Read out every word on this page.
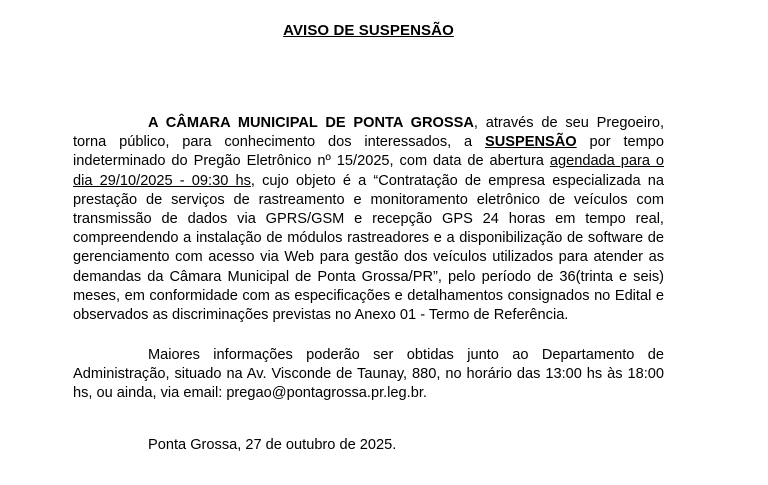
AVISO DE SUSPENSÃO

A CÂMARA MUNICIPAL DE PONTA GROSSA, através de seu Pregoeiro, torna público, para conhecimento dos interessados, a SUSPENSÃO por tempo indeterminado do Pregão Eletrônico nº 15/2025, com data de abertura agendada para o dia 29/10/2025 - 09:30 hs, cujo objeto é a “Contratação de empresa especializada na prestação de serviços de rastreamento e monitoramento eletrônico de veículos com transmissão de dados via GPRS/GSM e recepção GPS 24 horas em tempo real, compreendendo a instalação de módulos rastreadores e a disponibilização de software de gerenciamento com acesso via Web para gestão dos veículos utilizados para atender as demandas da Câmara Municipal de Ponta Grossa/PR”, pelo período de 36(trinta e seis) meses, em conformidade com as especificações e detalhamentos consignados no Edital e observados as discriminações previstas no Anexo 01 - Termo de Referência.

Maiores informações poderão ser obtidas junto ao Departamento de Administração, situado na Av. Visconde de Taunay, 880, no horário das 13:00 hs às 18:00 hs, ou ainda, via email: pregao@pontagrossa.pr.leg.br.

Ponta Grossa, 27 de outubro de 2025.
